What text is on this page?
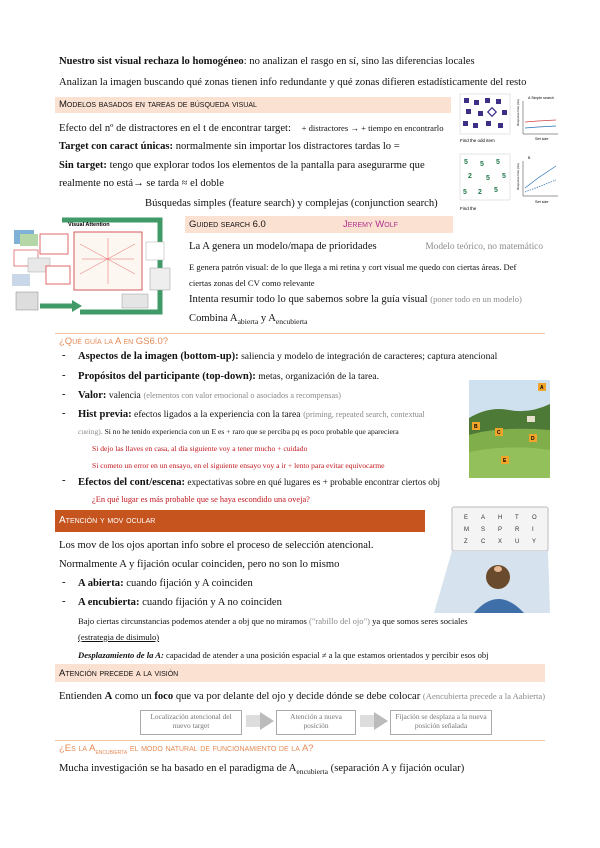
Nuestro sist visual rechaza lo homogéneo: no analizan el rasgo en sí, sino las diferencias locales
Analizan la imagen buscando qué zonas tienen info redundante y qué zonas difieren estadísticamente del resto
Modelos basados en tareas de búsqueda visual
Efecto del nº de distractores en el t de encontrar target: + distractores → + tiempo en encontrarlo
Target con caract únicas: normalmente sin importar los distractores tardas lo =
Sin target: tengo que explorar todos los elementos de la pantalla para asegurarme que
realmente no está→ se tarda ≈ el doble
Búsquedas simples (feature search) y complejas (conjunction search)
Find the odd item
5 5 5
2 5 5
5 2 5
Find the
A Simple search
Set size
Response time (ms)
B
Set size
Response time (ms)
Guided search 6.0	Jeremy Wolf
Visual Attention
La A genera un modelo/mapa de prioridades	Modelo teórico, no matemático
E genera patrón visual: de lo que llega a mi retina y cort visual me quedo con ciertas áreas. Def
ciertas zonas del CV como relevante
Intenta resumir todo lo que sabemos sobre la guía visual (poner todo en un modelo)
Combina $A_{abierta}$ y $A_{encubierta}$
¿Qué guía la A en GS6.0?
- Aspectos de la imagen (bottom-up): saliencia y modelo de integración de caracteres; captura atencional
- Propósitos del participante (top-down): metas, organización de la tarea.
- Valor: valencia (elementos con valor emocional o asociados a recompensas)
- Hist previa: efectos ligados a la experiencia con la tarea (priming, repeated search, contextual
cueing). Si no he tenido experiencia con un E es + raro que se perciba pq es poco probable que apareciera
Si dejo las llaves en casa, al día siguiente voy a tener mucho + cuidado
Si cometo un error en un ensayo, en el siguiente ensayo voy a ir + lento para evitar equivocarme
- Efectos del cont/escena: expectativas sobre en qué lugares es + probable encontrar ciertos obj
¿En qué lugar es más probable que se haya escondido una oveja?
A
B
C
D
E
Atención y mov ocular
Los mov de los ojos aportan info sobre el proceso de selección atencional.
Normalmente A y fijación ocular coinciden, pero no son lo mismo
- A abierta: cuando fijación y A coinciden
- A encubierta: cuando fijación y A no coinciden
Bajo ciertas circunstancias podemos atender a obj que no miramos ("rabillo del ojo") ya que somos seres sociales
(estrategia de disimulo)
Desplazamiento de la A: capacidad de atender a una posición espacial ≠ a la que estamos orientados y percibir esos obj
E A H T O
M S P R I
Z C X U Y
Atención precede a la visión
Entienden A como un foco que va por delante del ojo y decide dónde se debe colocar (Aencubierta precede a la Aabierta)
Localización atencional del nuevo target
Atención a nueva posición
Fijación se desplaza a la nueva posición señalada
¿Es la $A_{encubierta}$ el modo natural de funcionamiento de la A?
Mucha investigación se ha basado en el paradigma de $A_{encubierta}$ (separación A y fijación ocular)
